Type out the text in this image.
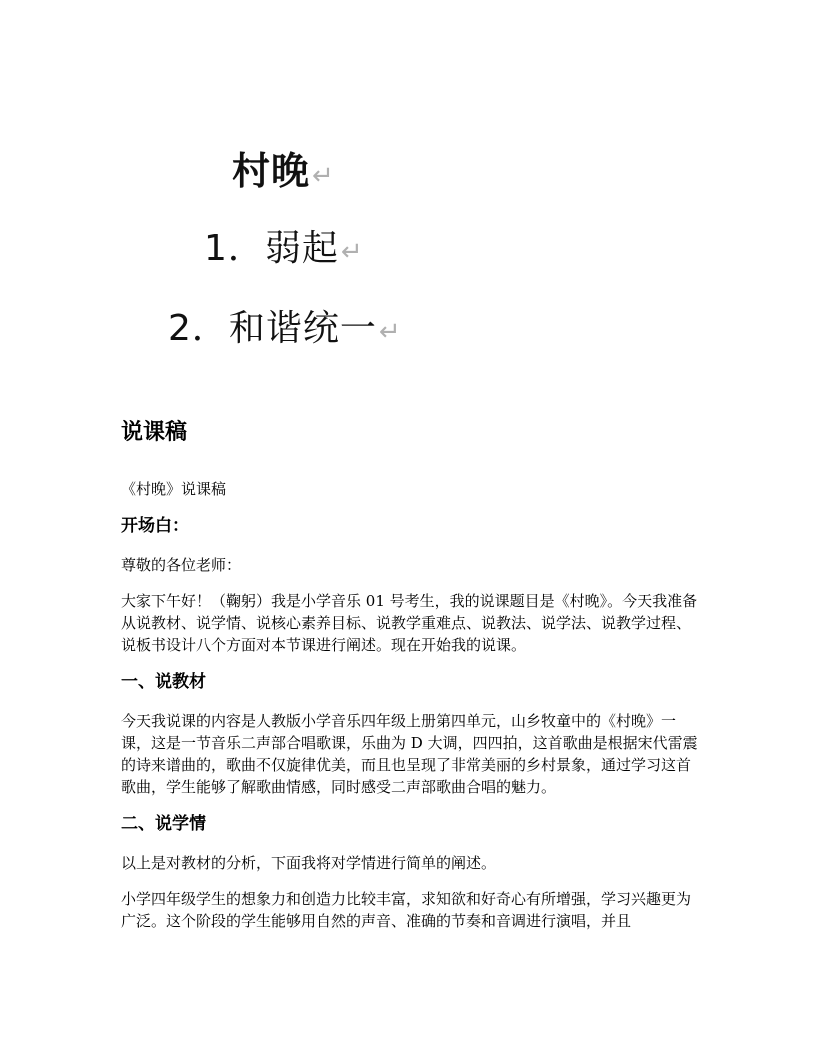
村晚↵
1．弱起↵
2．和谐统一↵
说课稿

《村晚》说课稿

开场白：

尊敬的各位老师：

大家下午好！（鞠躬）我是小学音乐 01 号考生，我的说课题目是《村晚》。今天我准备从说教材、说学情、说核心素养目标、说教学重难点、说教法、说学法、说教学过程、说板书设计八个方面对本节课进行阐述。现在开始我的说课。

一、说教材

今天我说课的内容是人教版小学音乐四年级上册第四单元，山乡牧童中的《村晚》一课，这是一节音乐二声部合唱歌课，乐曲为 D 大调，四四拍，这首歌曲是根据宋代雷震的诗来谱曲的，歌曲不仅旋律优美，而且也呈现了非常美丽的乡村景象，通过学习这首歌曲，学生能够了解歌曲情感，同时感受二声部歌曲合唱的魅力。

二、说学情

以上是对教材的分析，下面我将对学情进行简单的阐述。

小学四年级学生的想象力和创造力比较丰富，求知欲和好奇心有所增强，学习兴趣更为广泛。这个阶段的学生能够用自然的声音、准确的节奏和音调进行演唱，并且
